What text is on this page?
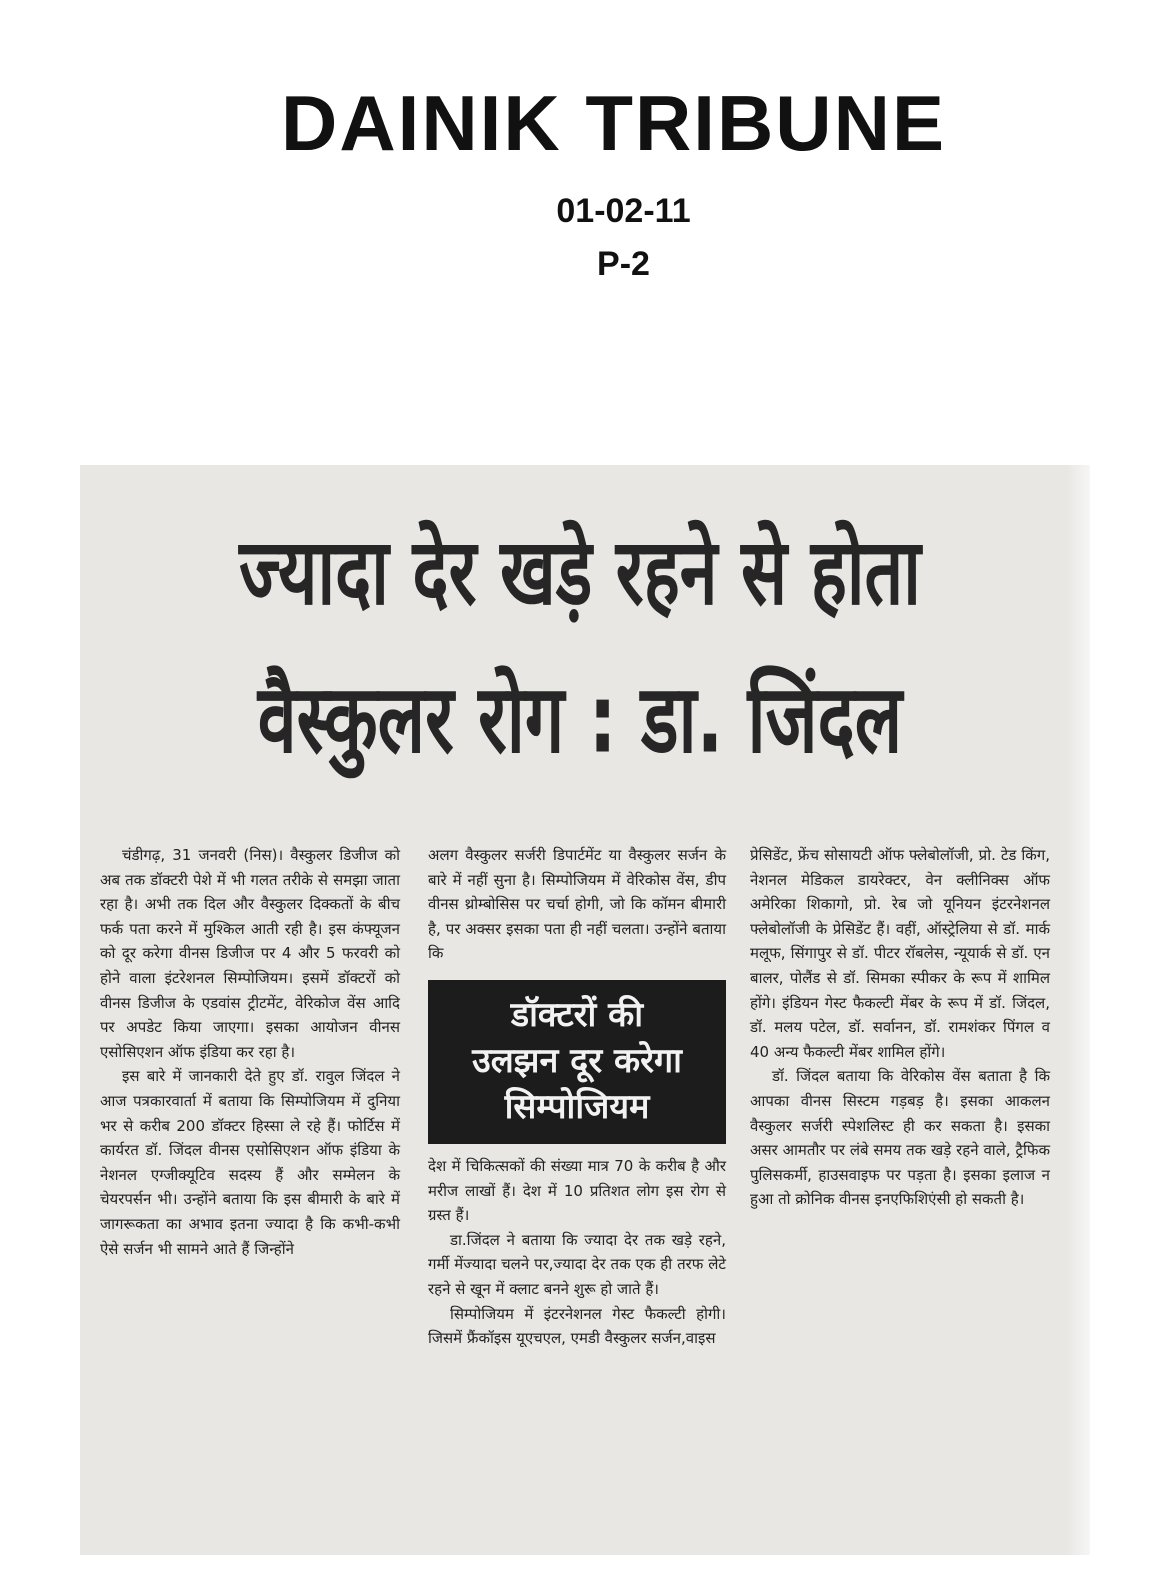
DAINIK TRIBUNE
01-02-11
P-2
ज्यादा देर खड़े रहने से होता
वैस्कुलर रोग : डा. जिंदल

चंडीगढ़, 31 जनवरी (निस)। वैस्कुलर डिजीज को अब तक डॉक्टरी पेशे में भी गलत तरीके से समझा जाता रहा है। अभी तक दिल और वैस्कुलर दिक्कतों के बीच फर्क पता करने में मुश्किल आती रही है। इस कंफ्यूजन को दूर करेगा वीनस डिजीज पर 4 और 5 फरवरी को होने वाला इंटरेशनल सिम्पोजियम। इसमें डॉक्टरों को वीनस डिजीज के एडवांस ट्रीटमेंट, वेरिकोज वेंस आदि पर अपडेट किया जाएगा। इसका आयोजन वीनस एसोसिएशन ऑफ इंडिया कर रहा है।

इस बारे में जानकारी देते हुए डॉ. रावुल जिंदल ने आज पत्रकारवार्ता में बताया कि सिम्पोजियम में दुनिया भर से करीब 200 डॉक्टर हिस्सा ले रहे हैं। फोर्टिस में कार्यरत डॉ. जिंदल वीनस एसोसिएशन ऑफ इंडिया के नेशनल एग्जीक्यूटिव सदस्य हैं और सम्मेलन के चेयरपर्सन भी। उन्होंने बताया कि इस बीमारी के बारे में जागरूकता का अभाव इतना ज्यादा है कि कभी-कभी ऐसे सर्जन भी सामने आते हैं जिन्होंने

अलग वैस्कुलर सर्जरी डिपार्टमेंट या वैस्कुलर सर्जन के बारे में नहीं सुना है। सिम्पोजियम में वेरिकोस वेंस, डीप वीनस थ्रोम्बोसिस पर चर्चा होगी, जो कि कॉमन बीमारी है, पर अक्सर इसका पता ही नहीं चलता। उन्होंने बताया कि

डॉक्टरों की
उलझन दूर करेगा
सिम्पोजियम

देश में चिकित्सकों की संख्या मात्र 70 के करीब है और मरीज लाखों हैं। देश में 10 प्रतिशत लोग इस रोग से ग्रस्त हैं।

डा.जिंदल ने बताया कि ज्यादा देर तक खड़े रहने, गर्मी मेंज्यादा चलने पर,ज्यादा देर तक एक ही तरफ लेटे रहने से खून में क्लाट बनने शुरू हो जाते हैं।

सिम्पोजियम में इंटरनेशनल गेस्ट फैकल्टी होगी। जिसमें फ्रैंकॉइस यूएचएल, एमडी वैस्कुलर सर्जन,वाइस

प्रेसिडेंट, फ्रेंच सोसायटी ऑफ फ्लेबोलॉजी, प्रो. टेड किंग, नेशनल मेडिकल डायरेक्टर, वेन क्लीनिक्स ऑफ अमेरिका शिकागो, प्रो. रेब जो यूनियन इंटरनेशनल फ्लेबोलॉजी के प्रेसिडेंट हैं। वहीं, ऑस्ट्रेलिया से डॉ. मार्क मलूफ, सिंगापुर से डॉ. पीटर रॉबलेस, न्यूयार्क से डॉ. एन बालर, पोलैंड से डॉ. सिमका स्पीकर के रूप में शामिल होंगे। इंडियन गेस्ट फैकल्टी मेंबर के रूप में डॉ. जिंदल, डॉ. मलय पटेल, डॉ. सर्वानन, डॉ. रामशंकर पिंगल व 40 अन्य फैकल्टी मेंबर शामिल होंगे।

डॉ. जिंदल बताया कि वेरिकोस वेंस बताता है कि आपका वीनस सिस्टम गड़बड़ है। इसका आकलन वैस्कुलर सर्जरी स्पेशलिस्ट ही कर सकता है। इसका असर आमतौर पर लंबे समय तक खड़े रहने वाले, ट्रैफिक पुलिसकर्मी, हाउसवाइफ पर पड़ता है। इसका इलाज न हुआ तो क्रोनिक वीनस इनएफिशिएंसी हो सकती है।
